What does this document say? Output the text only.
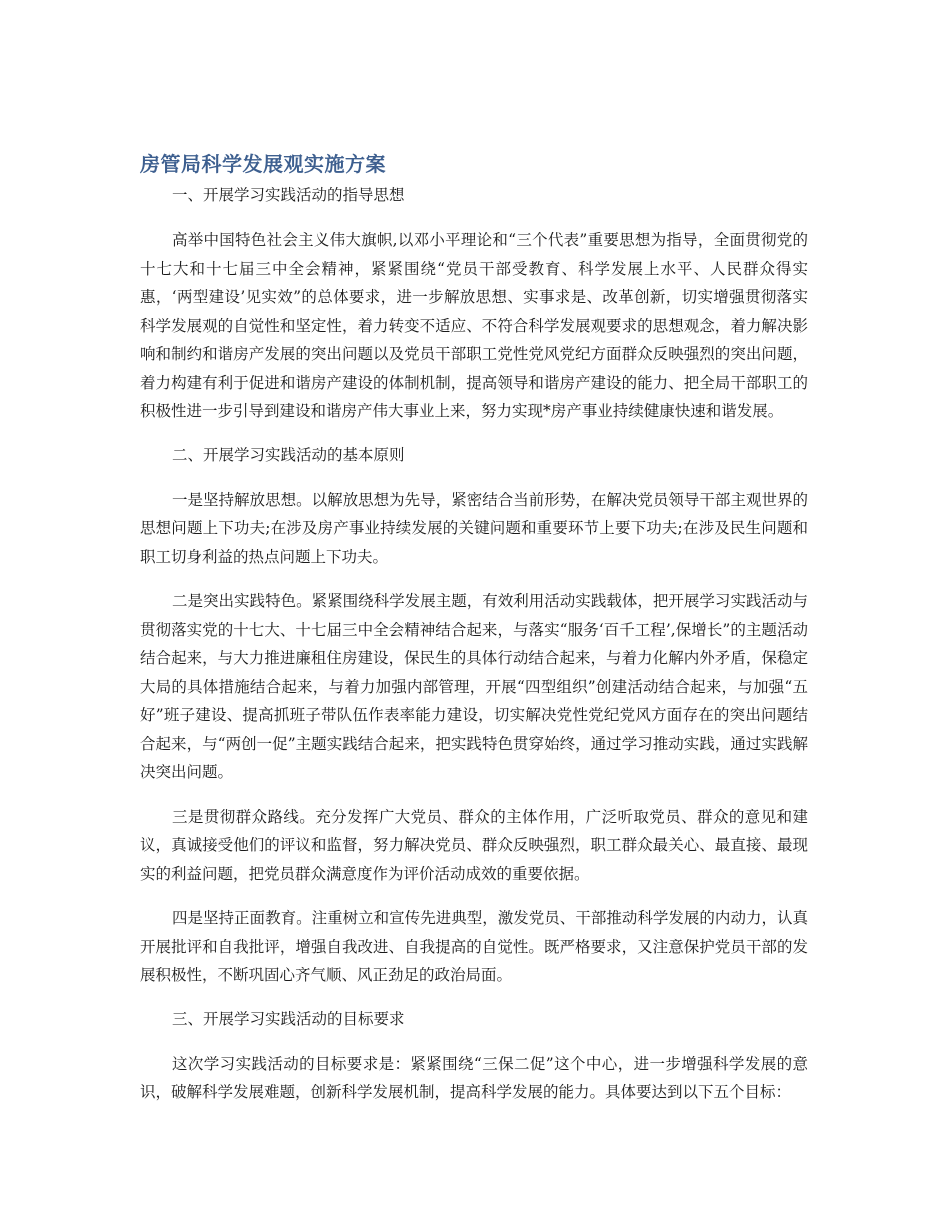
房管局科学发展观实施方案

一、开展学习实践活动的指导思想

高举中国特色社会主义伟大旗帜,以邓小平理论和“三个代表”重要思想为指导，全面贯彻党的十七大和十七届三中全会精神，紧紧围绕“党员干部受教育、科学发展上水平、人民群众得实惠，‘两型建设’见实效”的总体要求，进一步解放思想、实事求是、改革创新，切实增强贯彻落实科学发展观的自觉性和坚定性，着力转变不适应、不符合科学发展观要求的思想观念，着力解决影响和制约和谐房产发展的突出问题以及党员干部职工党性党风党纪方面群众反映强烈的突出问题，着力构建有利于促进和谐房产建设的体制机制，提高领导和谐房产建设的能力、把全局干部职工的积极性进一步引导到建设和谐房产伟大事业上来，努力实现*房产事业持续健康快速和谐发展。

二、开展学习实践活动的基本原则

一是坚持解放思想。以解放思想为先导，紧密结合当前形势，在解决党员领导干部主观世界的思想问题上下功夫;在涉及房产事业持续发展的关键问题和重要环节上要下功夫;在涉及民生问题和职工切身利益的热点问题上下功夫。

二是突出实践特色。紧紧围绕科学发展主题，有效利用活动实践载体，把开展学习实践活动与贯彻落实党的十七大、十七届三中全会精神结合起来，与落实“服务‘百千工程’,保增长”的主题活动结合起来，与大力推进廉租住房建设，保民生的具体行动结合起来，与着力化解内外矛盾，保稳定大局的具体措施结合起来，与着力加强内部管理，开展“四型组织”创建活动结合起来，与加强“五好”班子建设、提高抓班子带队伍作表率能力建设，切实解决党性党纪党风方面存在的突出问题结合起来，与“两创一促”主题实践结合起来，把实践特色贯穿始终，通过学习推动实践，通过实践解决突出问题。

三是贯彻群众路线。充分发挥广大党员、群众的主体作用，广泛听取党员、群众的意见和建议，真诚接受他们的评议和监督，努力解决党员、群众反映强烈，职工群众最关心、最直接、最现实的利益问题，把党员群众满意度作为评价活动成效的重要依据。

四是坚持正面教育。注重树立和宣传先进典型，激发党员、干部推动科学发展的内动力，认真开展批评和自我批评，增强自我改进、自我提高的自觉性。既严格要求，又注意保护党员干部的发展积极性，不断巩固心齐气顺、风正劲足的政治局面。

三、开展学习实践活动的目标要求

这次学习实践活动的目标要求是：紧紧围绕“三保二促”这个中心，进一步增强科学发展的意识，破解科学发展难题，创新科学发展机制，提高科学发展的能力。具体要达到以下五个目标：
